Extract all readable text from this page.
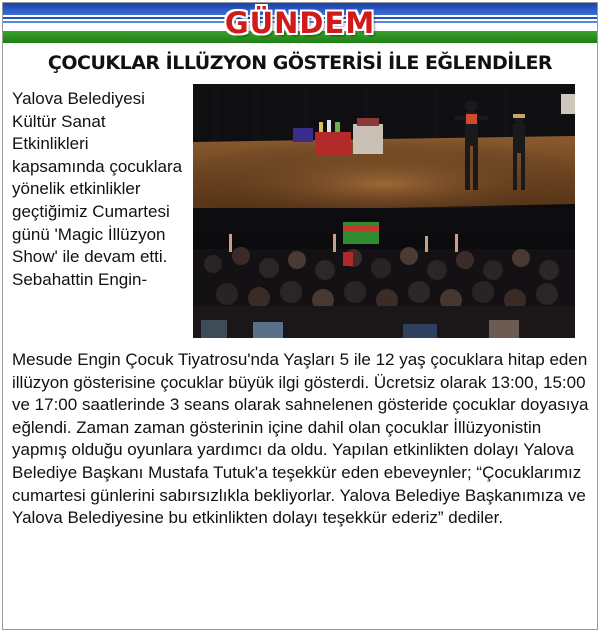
GÜNDEM
ÇOCUKLAR İLLÜZYON GÖSTERİSİ İLE EĞLENDİLER

Yalova Belediyesi Kültür Sanat Etkinlikleri kapsamında çocuklara yönelik etkinlikler geçtiğimiz Cumartesi günü 'Magic İllüzyon Show' ile devam etti. Sebahattin Engin-

Mesude Engin Çocuk Tiyatrosu'nda Yaşları 5 ile 12 yaş çocuklara hitap eden illüzyon gösterisine çocuklar büyük ilgi gösterdi. Ücretsiz olarak 13:00, 15:00 ve 17:00 saatlerinde 3 seans olarak sahnelenen gösteride çocuklar doyasıya eğlendi. Zaman zaman gösterinin içine dahil olan çocuklar İllüzyonistin yapmış olduğu oyunlara yardımcı da oldu. Yapılan etkinlikten dolayı Yalova Belediye Başkanı Mustafa Tutuk'a teşekkür eden ebeveynler; “Çocuklarımız cumartesi günlerini sabırsızlıkla bekliyorlar. Yalova Belediye Başkanımıza ve Yalova Belediyesine bu etkinlikten dolayı teşekkür ederiz” dediler.
